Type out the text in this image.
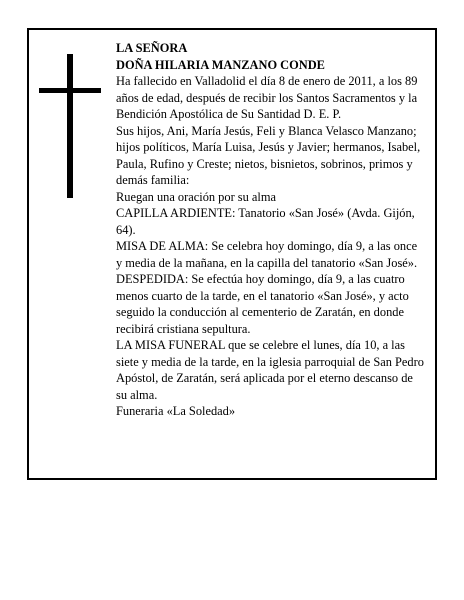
LA SEÑORA

DOÑA HILARIA MANZANO CONDE

Ha fallecido en Valladolid el día 8 de enero de 2011, a los 89 años de edad, después de recibir los Santos Sacramentos y la Bendición Apostólica de Su Santidad D. E. P.

Sus hijos, Ani, María Jesús, Feli y Blanca Velasco Manzano; hijos políticos, María Luisa, Jesús y Javier; hermanos, Isabel, Paula, Rufino y Creste; nietos, bisnietos, sobrinos, primos y demás familia:

Ruegan una oración por su alma

CAPILLA ARDIENTE: Tanatorio «San José» (Avda. Gijón, 64).

MISA DE ALMA: Se celebra hoy domingo, día 9, a las once y media de la mañana, en la capilla del tanatorio «San José».

DESPEDIDA: Se efectúa hoy domingo, día 9, a las cuatro menos cuarto de la tarde, en el tanatorio «San José», y acto seguido la conducción al cementerio de Zaratán, en donde recibirá cristiana sepultura.

LA MISA FUNERAL que se celebre el lunes, día 10, a las siete y media de la tarde, en la iglesia parroquial de San Pedro Apóstol, de Zaratán, será aplicada por el eterno descanso de su alma.

Funeraria «La Soledad»
